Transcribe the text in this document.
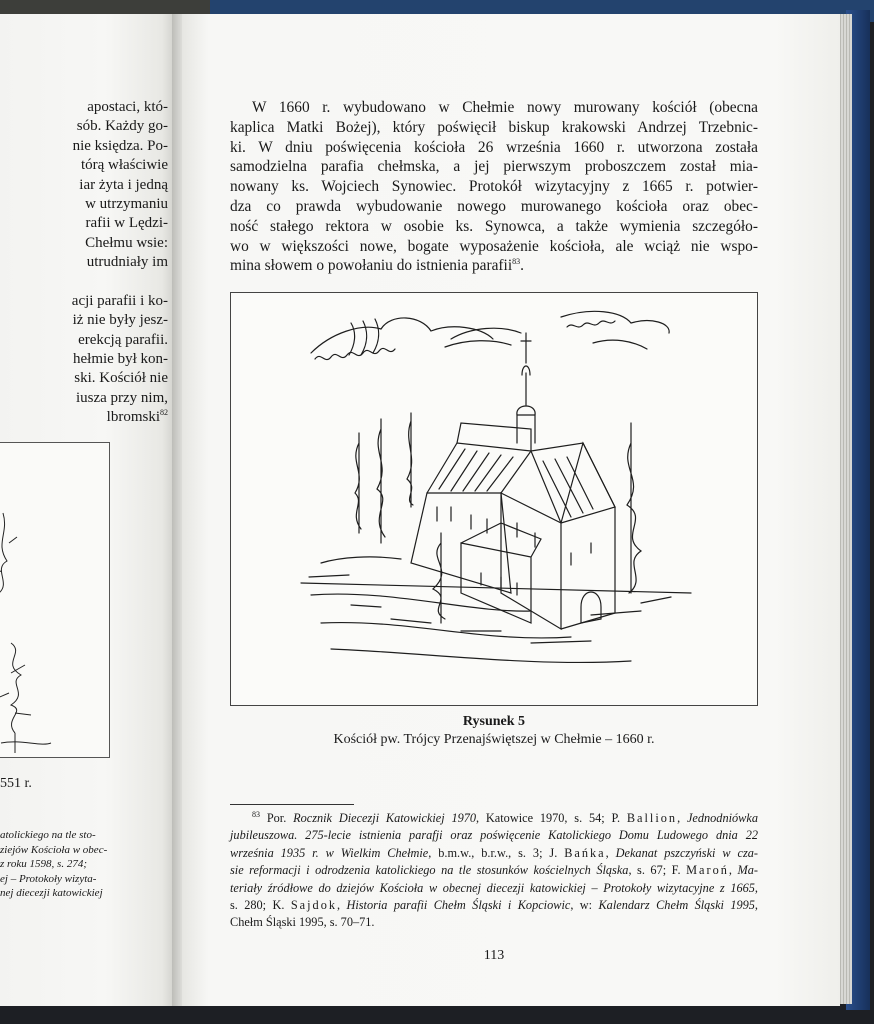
apostaci, któ-
sób. Każdy go-
nie księdza. Po-
tórą właściwie
iar żyta i jedną
w utrzymaniu
rafii w Lędzi-
Chełmu wsie:
utrudniały im
acji parafii i ko-
iż nie były jesz-
erekcją parafii.
hełmie był kon-
ski. Kościół nie
iusza przy nim,
lbromski$^{82}$
551 r.
atolickiego na tle sto-
ziejów Kościoła w obec-
z roku 1598, s. 274;
ej – Protokoły wizyta-
nej diecezji katowickiej
W 1660 r. wybudowano w Chełmie nowy murowany kościół (obecna
kaplica Matki Bożej), który poświęcił biskup krakowski Andrzej Trzebnic-
ki. W dniu poświęcenia kościoła 26 września 1660 r. utworzona została
samodzielna parafia chełmska, a jej pierwszym proboszczem został mia-
nowany ks. Wojciech Synowiec. Protokół wizytacyjny z 1665 r. potwier-
dza co prawda wybudowanie nowego murowanego kościoła oraz obec-
ność stałego rektora w osobie ks. Synowca, a także wymienia szczegóło-
wo w większości nowe, bogate wyposażenie kościoła, ale wciąż nie wspo-
mina słowem o powołaniu do istnienia parafii$^{83}$.
Rysunek 5
Kościół pw. Trójcy Przenajświętszej w Chełmie – 1660 r.
$^{83}$ Por. Rocznik Diecezji Katowickiej 1970, Katowice 1970, s. 54; P. Ballion, Jednodniówka
jubileuszowa. 275-lecie istnienia parafji oraz poświęcenie Katolickiego Domu Ludowego dnia 22
września 1935 r. w Wielkim Chełmie, b.m.w., b.r.w., s. 3; J. Bańka, Dekanat pszczyński w cza-
sie reformacji i odrodzenia katolickiego na tle stosunków kościelnych Śląska, s. 67; F. Maroń, Ma-
teriały źródłowe do dziejów Kościoła w obecnej diecezji katowickiej – Protokoły wizytacyjne z 1665,
s. 280; K. Sajdok, Historia parafii Chełm Śląski i Kopciowic, w: Kalendarz Chełm Śląski 1995,
Chełm Śląski 1995, s. 70–71.
113
